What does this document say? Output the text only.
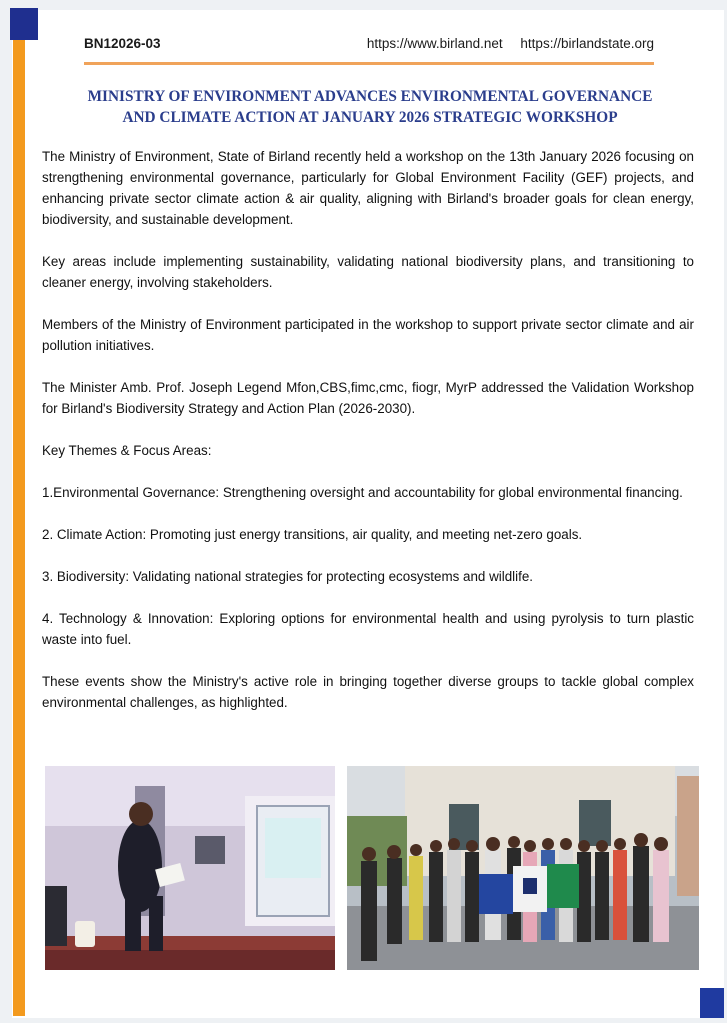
BN12026-03	https://www.birland.net https://birlandstate.org
MINISTRY OF ENVIRONMENT ADVANCES ENVIRONMENTAL GOVERNANCE
AND CLIMATE ACTION AT JANUARY 2026 STRATEGIC WORKSHOP

The Ministry of Environment, State of Birland recently held a workshop on the 13th January 2026 focusing on strengthening environmental governance, particularly for Global Environment Facility (GEF) projects, and enhancing private sector climate action & air quality, aligning with Birland's broader goals for clean energy, biodiversity, and sustainable development.

Key areas include implementing sustainability, validating national biodiversity plans, and transitioning to cleaner energy, involving stakeholders.

Members of the Ministry of Environment participated in the workshop to support private sector climate and air pollution initiatives.

The Minister Amb. Prof. Joseph Legend Mfon,CBS,fimc,cmc, fiogr, MyrP addressed the Validation Workshop for Birland's Biodiversity Strategy and Action Plan (2026-2030).

Key Themes & Focus Areas:

1.Environmental Governance: Strengthening oversight and accountability for global environmental financing.

2. Climate Action: Promoting just energy transitions, air quality, and meeting net-zero goals.

3. Biodiversity: Validating national strategies for protecting ecosystems and wildlife.

4. Technology & Innovation: Exploring options for environmental health and using pyrolysis to turn plastic waste into fuel.

These events show the Ministry's active role in bringing together diverse groups to tackle global complex environmental challenges, as highlighted.
